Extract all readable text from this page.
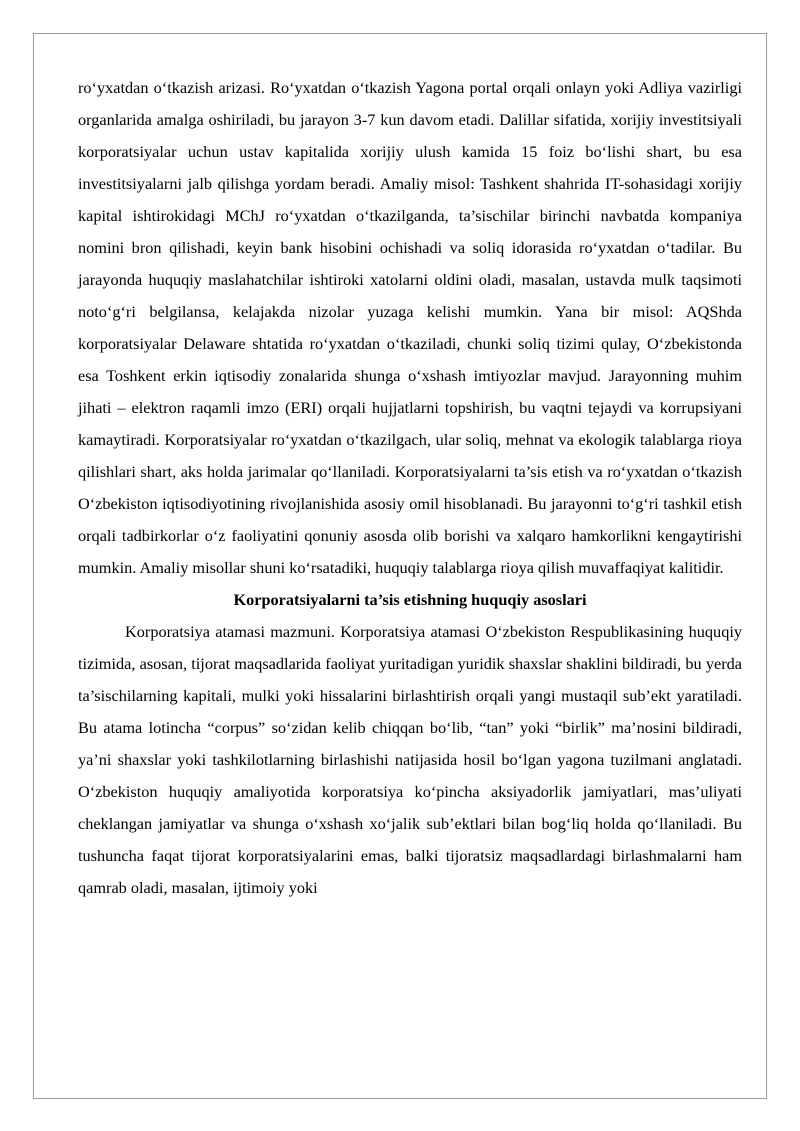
ro‘yxatdan o‘tkazish arizasi. Ro‘yxatdan o‘tkazish Yagona portal orqali onlayn yoki Adliya vazirligi organlarida amalga oshiriladi, bu jarayon 3-7 kun davom etadi. Dalillar sifatida, xorijiy investitsiyali korporatsiyalar uchun ustav kapitalida xorijiy ulush kamida 15 foiz bo‘lishi shart, bu esa investitsiyalarni jalb qilishga yordam beradi. Amaliy misol: Tashkent shahrida IT-sohasidagi xorijiy kapital ishtirokidagi MChJ ro‘yxatdan o‘tkazilganda, ta’sischilar birinchi navbatda kompaniya nomini bron qilishadi, keyin bank hisobini ochishadi va soliq idorasida ro‘yxatdan o‘tadilar. Bu jarayonda huquqiy maslahatchilar ishtiroki xatolarni oldini oladi, masalan, ustavda mulk taqsimoti noto‘g‘ri belgilansa, kelajakda nizolar yuzaga kelishi mumkin. Yana bir misol: AQShda korporatsiyalar Delaware shtatida ro‘yxatdan o‘tkaziladi, chunki soliq tizimi qulay, O‘zbekistonda esa Toshkent erkin iqtisodiy zonalarida shunga o‘xshash imtiyozlar mavjud. Jarayonning muhim jihati – elektron raqamli imzo (ERI) orqali hujjatlarni topshirish, bu vaqtni tejaydi va korrupsiyani kamaytiradi. Korporatsiyalar ro‘yxatdan o‘tkazilgach, ular soliq, mehnat va ekologik talablarga rioya qilishlari shart, aks holda jarimalar qo‘llaniladi. Korporatsiyalarni ta’sis etish va ro‘yxatdan o‘tkazish O‘zbekiston iqtisodiyotining rivojlanishida asosiy omil hisoblanadi. Bu jarayonni to‘g‘ri tashkil etish orqali tadbirkorlar o‘z faoliyatini qonuniy asosda olib borishi va xalqaro hamkorlikni kengaytirishi mumkin. Amaliy misollar shuni ko‘rsatadiki, huquqiy talablarga rioya qilish muvaffaqiyat kalitidir.

Korporatsiyalarni ta’sis etishning huquqiy asoslari

Korporatsiya atamasi mazmuni. Korporatsiya atamasi O‘zbekiston Respublikasining huquqiy tizimida, asosan, tijorat maqsadlarida faoliyat yuritadigan yuridik shaxslar shaklini bildiradi, bu yerda ta’sischilarning kapitali, mulki yoki hissalarini birlashtirish orqali yangi mustaqil sub’ekt yaratiladi. Bu atama lotincha “corpus” so‘zidan kelib chiqqan bo‘lib, “tan” yoki “birlik” ma’nosini bildiradi, ya’ni shaxslar yoki tashkilotlarning birlashishi natijasida hosil bo‘lgan yagona tuzilmani anglatadi. O‘zbekiston huquqiy amaliyotida korporatsiya ko‘pincha aksiyadorlik jamiyatlari, mas’uliyati cheklangan jamiyatlar va shunga o‘xshash xo‘jalik sub’ektlari bilan bog‘liq holda qo‘llaniladi. Bu tushuncha faqat tijorat korporatsiyalarini emas, balki tijoratsiz maqsadlardagi birlashmalarni ham qamrab oladi, masalan, ijtimoiy yoki
